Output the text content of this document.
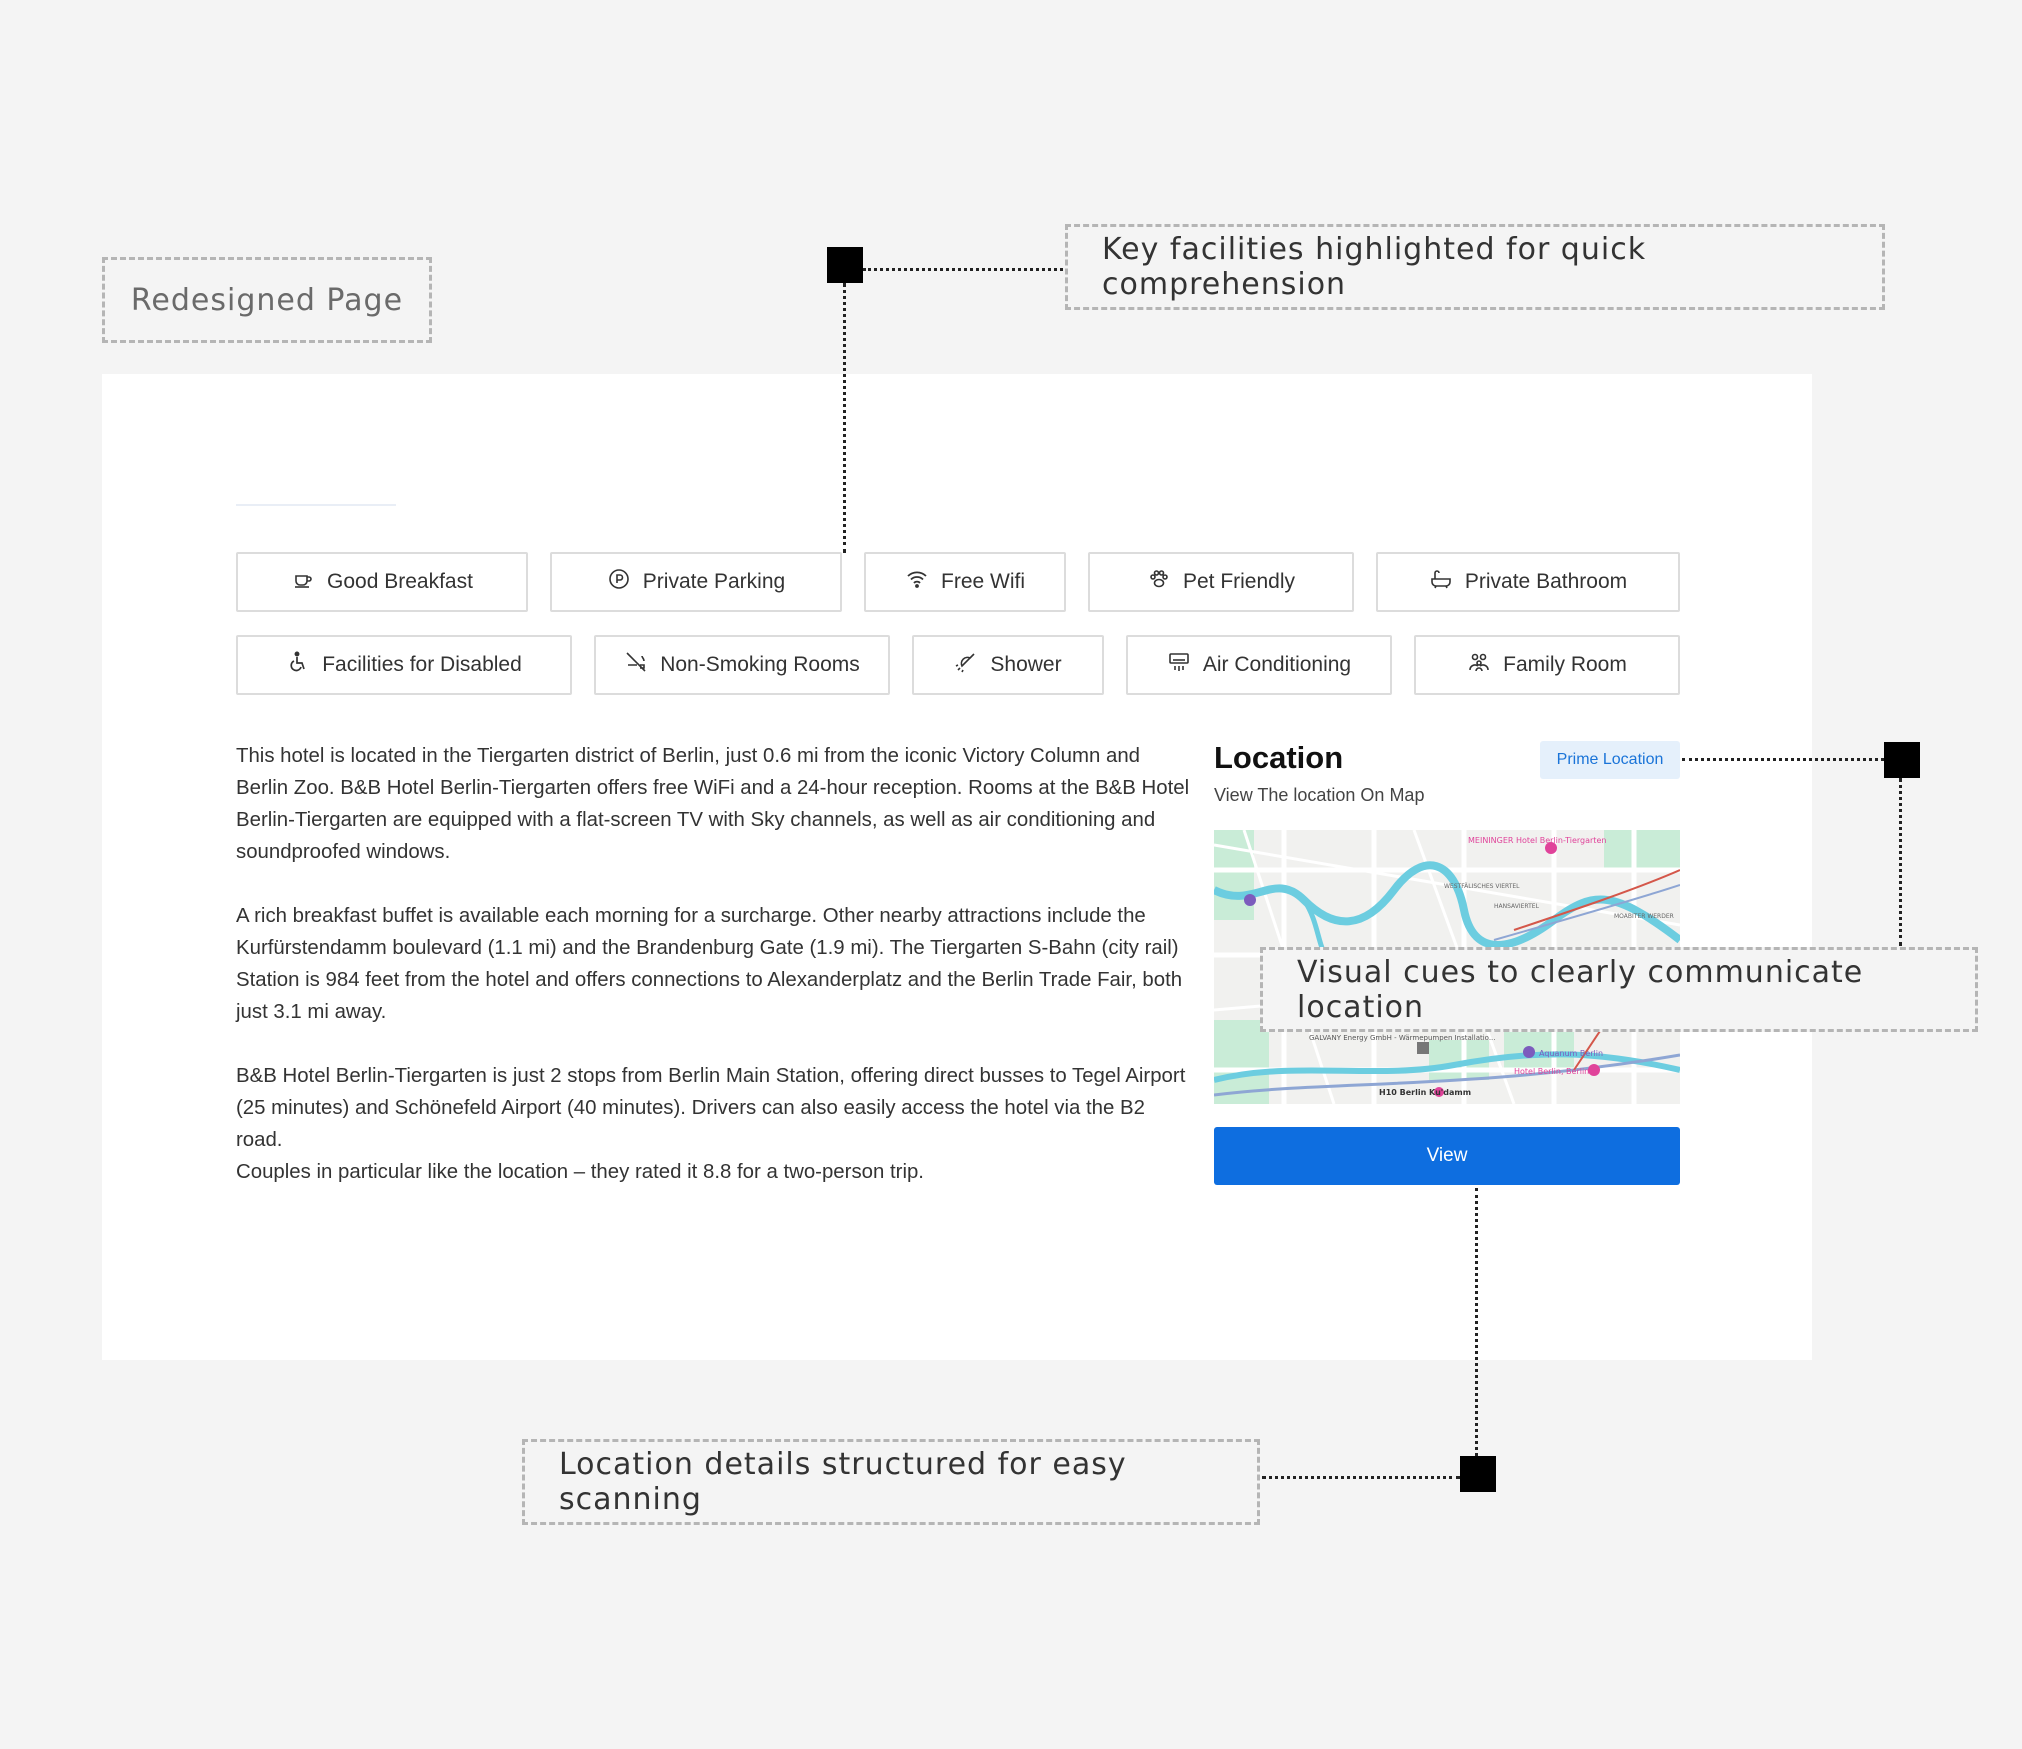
Redesigned Page
Key facilities highlighted for quick comprehension
Location details structured for easy scanning
Good Breakfast	Private Parking	Free Wifi	Pet Friendly	Private Bathroom
Facilities for Disabled	Non-Smoking Rooms	Shower	Air Conditioning	Family Room

This hotel is located in the Tiergarten district of Berlin, just 0.6 mi from the iconic Victory Column and Berlin Zoo. B&B Hotel Berlin-Tiergarten offers free WiFi and a 24-hour reception. Rooms at the B&B Hotel Berlin-Tiergarten are equipped with a flat-screen TV with Sky channels, as well as air conditioning and soundproofed windows.

A rich breakfast buffet is available each morning for a surcharge. Other nearby attractions include the Kurfürstendamm boulevard (1.1 mi) and the Brandenburg Gate (1.9 mi). The Tiergarten S-Bahn (city rail) Station is 984 feet from the hotel and offers connections to Alexanderplatz and the Berlin Trade Fair, both just 3.1 mi away.

B&B Hotel Berlin-Tiergarten is just 2 stops from Berlin Main Station, offering direct busses to Tegel Airport (25 minutes) and Schönefeld Airport (40 minutes). Drivers can also easily access the hotel via the B2 road.

Couples in particular like the location – they rated it 8.8 for a two-person trip.

Location
View The location On Map
Prime Location
MEININGER Hotel Berlin-Tiergarten
WESTFÄLISCHES VIERTEL
HANSAVIERTEL
MOABITER WERDER
GALVANY Energy GmbH - Wärmepumpen Installatio...
Aquanum Berlin
Hotel Berlin, Berlin
H10 Berlin Ku'damm
View
Visual cues to clearly communicate location
